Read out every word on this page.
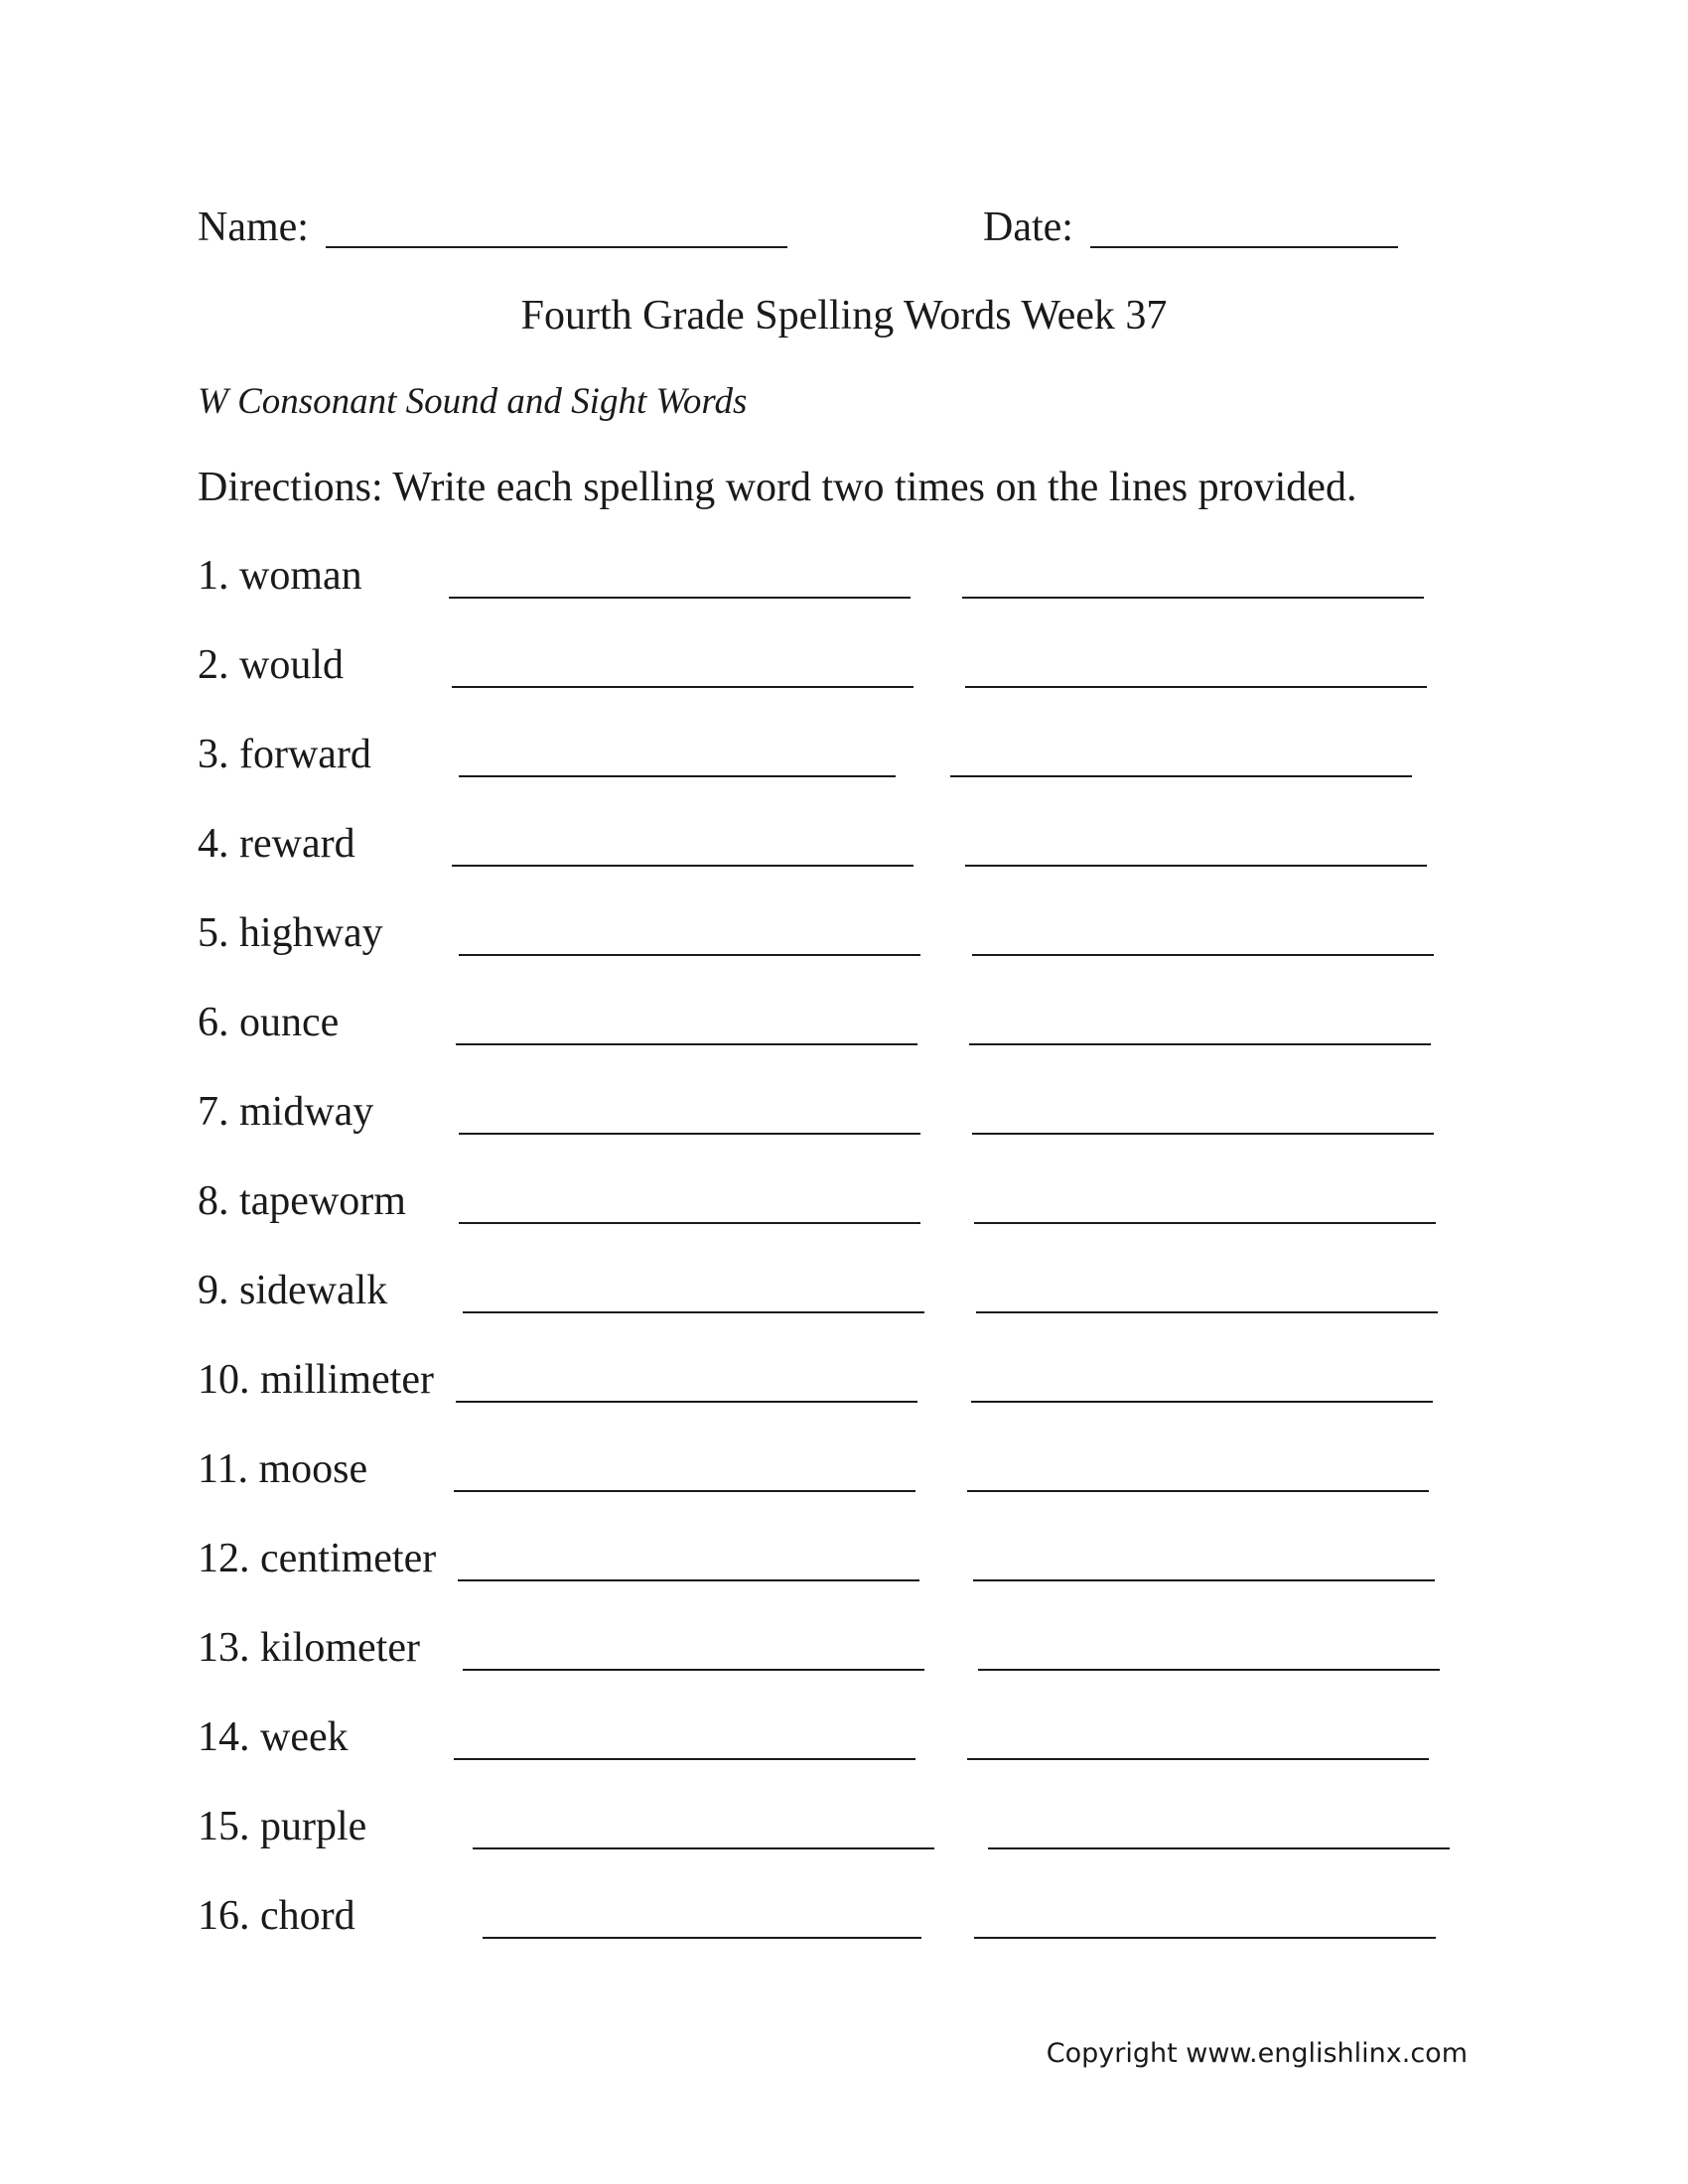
Name:	Date:
Fourth Grade Spelling Words Week 37
W Consonant Sound and Sight Words
Directions: Write each spelling word two times on the lines provided.
1. woman
2. would
3. forward
4. reward
5. highway
6. ounce
7. midway
8. tapeworm
9. sidewalk
10. millimeter
11. moose
12. centimeter
13. kilometer
14. week
15. purple
16. chord
Copyright www.englishlinx.com
